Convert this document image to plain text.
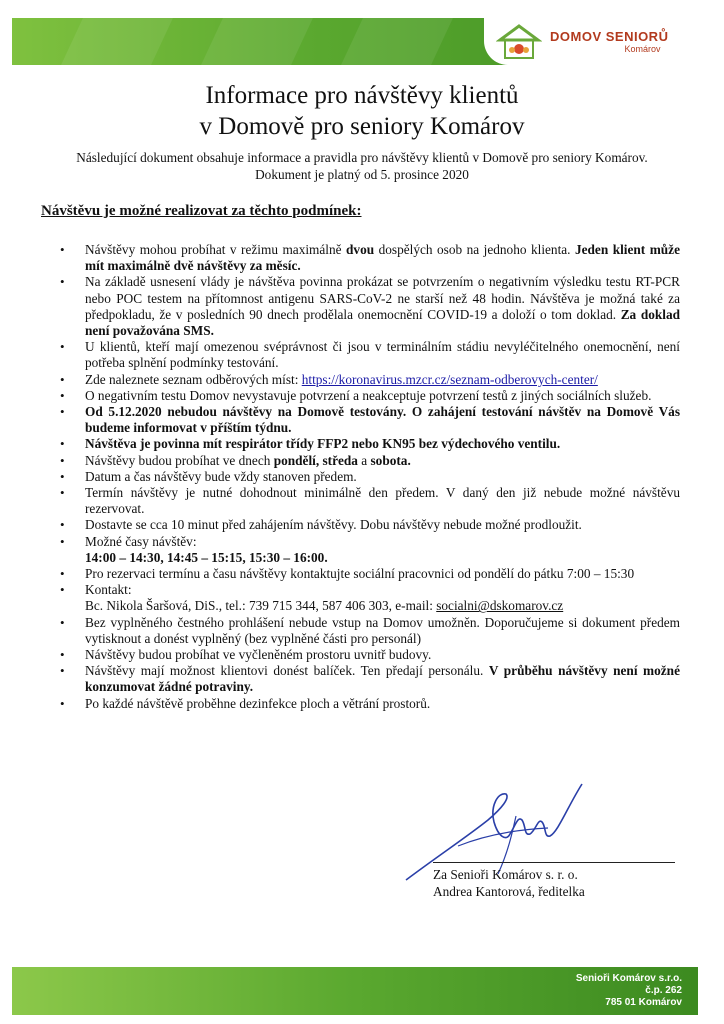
DOMOV SENIORŮ
Komárov
Informace pro návštěvy klientů
v Domově pro seniory Komárov
Následující dokument obsahuje informace a pravidla pro návštěvy klientů v Domově pro seniory Komárov.
Dokument je platný od 5. prosince 2020

Návštěvu je možné realizovat za těchto podmínek:

• Návštěvy mohou probíhat v režimu maximálně dvou dospělých osob na jednoho klienta. Jeden klient může mít maximálně dvě návštěvy za měsíc.
• Na základě usnesení vlády je návštěva povinna prokázat se potvrzením o negativním výsledku testu RT-PCR nebo POC testem na přítomnost antigenu SARS-CoV-2 ne starší než 48 hodin. Návštěva je možná také za předpokladu, že v posledních 90 dnech prodělala onemocnění COVID-19 a doloží o tom doklad. Za doklad není považována SMS.
• U klientů, kteří mají omezenou svéprávnost či jsou v terminálním stádiu nevyléčitelného onemocnění, není potřeba splnění podmínky testování.
• Zde naleznete seznam odběrových míst: https://koronavirus.mzcr.cz/seznam-odberovych-center/
• O negativním testu Domov nevystavuje potvrzení a neakceptuje potvrzení testů z jiných sociálních služeb.
• Od 5.12.2020 nebudou návštěvy na Domově testovány. O zahájení testování návštěv na Domově Vás budeme informovat v příštím týdnu.
• Návštěva je povinna mít respirátor třídy FFP2 nebo KN95 bez výdechového ventilu.
• Návštěvy budou probíhat ve dnech pondělí, středa a sobota.
• Datum a čas návštěvy bude vždy stanoven předem.
• Termín návštěvy je nutné dohodnout minimálně den předem. V daný den již nebude možné návštěvu rezervovat.
• Dostavte se cca 10 minut před zahájením návštěvy. Dobu návštěvy nebude možné prodloužit.
• Možné časy návštěv:
14:00 – 14:30, 14:45 – 15:15, 15:30 – 16:00.
• Pro rezervaci termínu a času návštěvy kontaktujte sociální pracovnici od pondělí do pátku 7:00 – 15:30
• Kontakt:
Bc. Nikola Šaršová, DiS., tel.: 739 715 344, 587 406 303, e-mail: socialni@dskomarov.cz
• Bez vyplněného čestného prohlášení nebude vstup na Domov umožněn. Doporučujeme si dokument předem vytisknout a donést vyplněný (bez vyplněné části pro personál)
• Návštěvy budou probíhat ve vyčleněném prostoru uvnitř budovy.
• Návštěvy mají možnost klientovi donést balíček. Ten předají personálu. V průběhu návštěvy není možné konzumovat žádné potraviny.
• Po každé návštěvě proběhne dezinfekce ploch a větrání prostorů.
Za Senioři Komárov s. r. o.
Andrea Kantorová, ředitelka
Senioři Komárov s.r.o.
č.p. 262
785 01 Komárov
